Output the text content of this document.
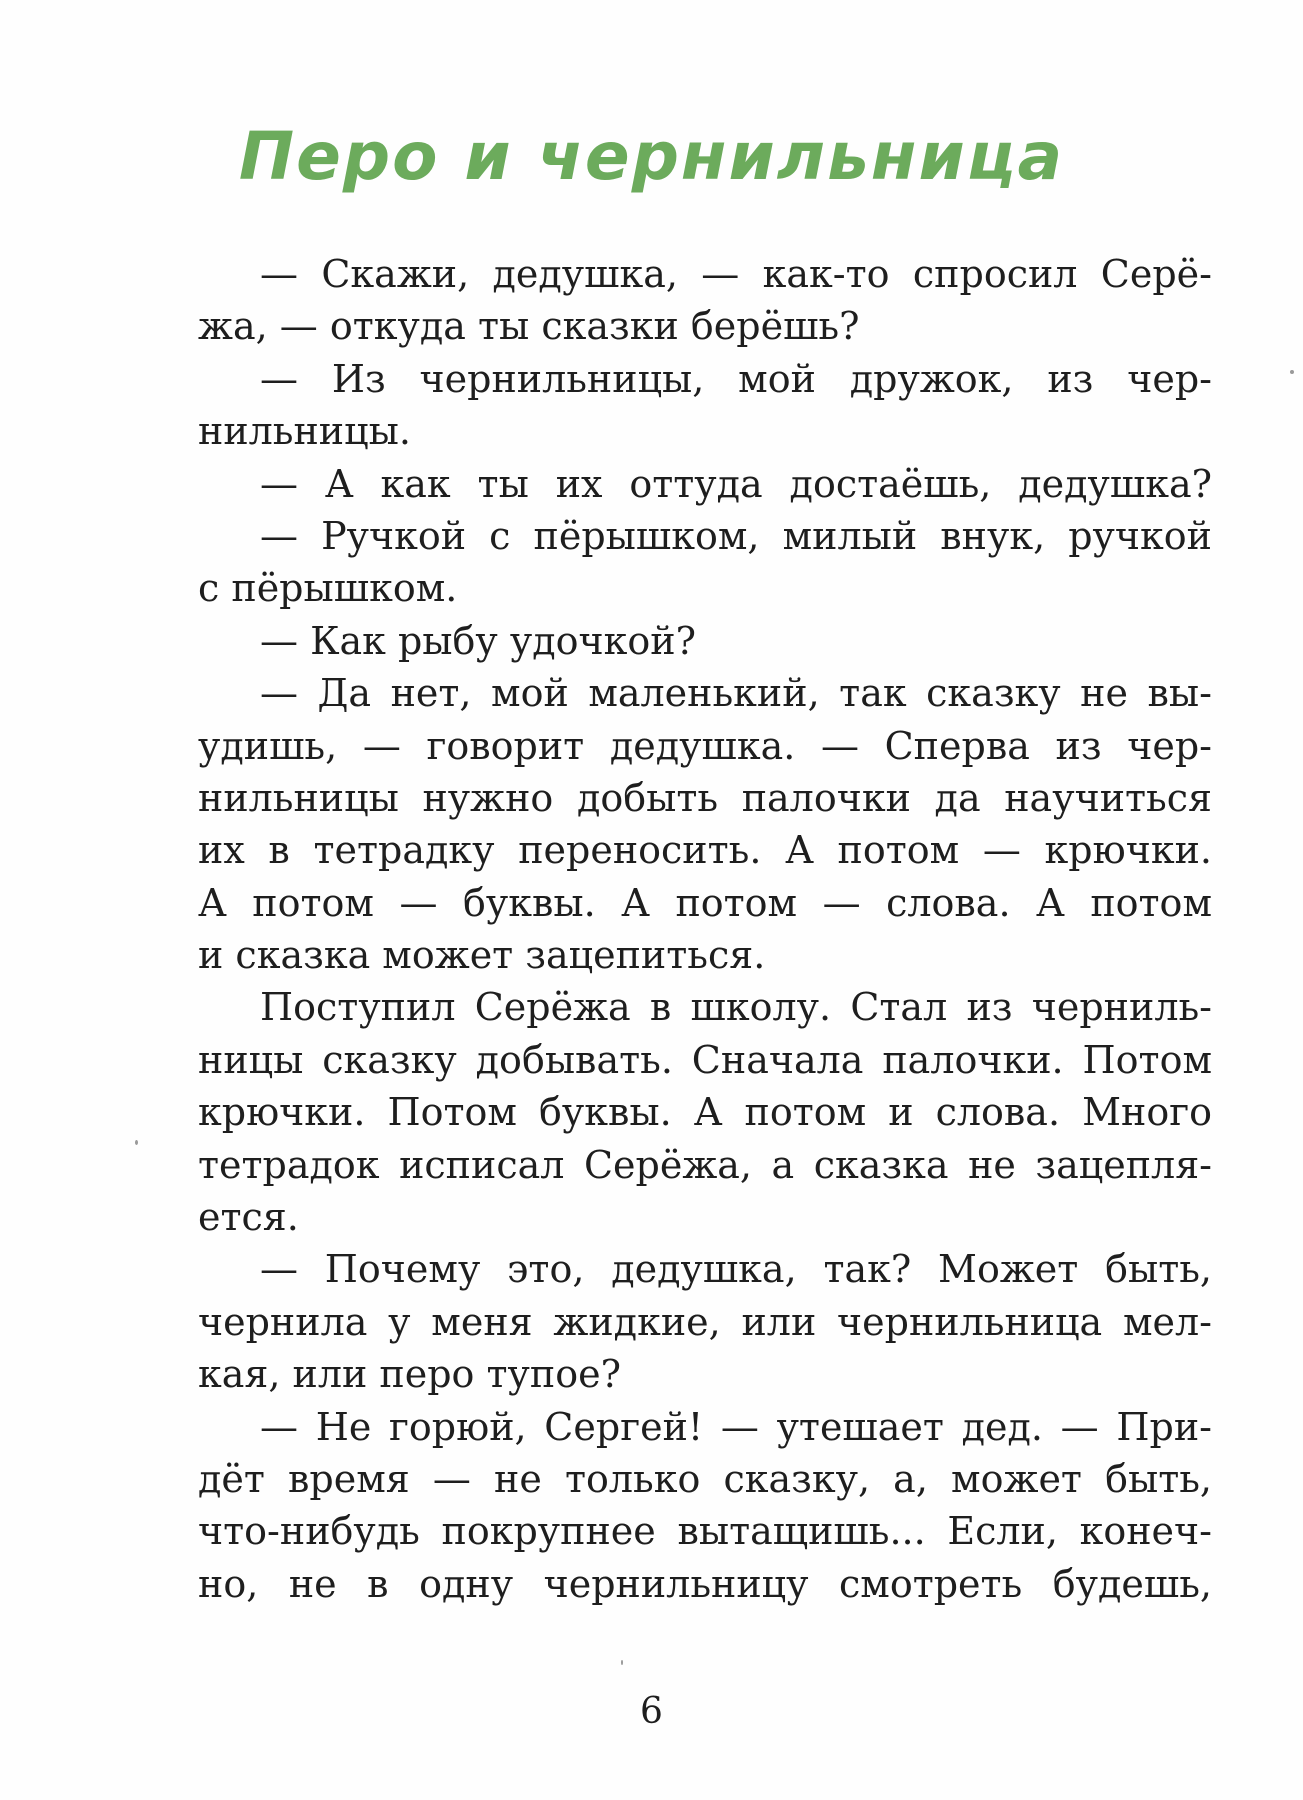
Перо и чернильница
— Скажи, дедушка, — как-то спросил Серё-
жа, — откуда ты сказки берёшь?
— Из чернильницы, мой дружок, из чер-
нильницы.
— А как ты их оттуда достаёшь, дедушка?
— Ручкой с пёрышком, милый внук, ручкой
с пёрышком.
— Как рыбу удочкой?
— Да нет, мой маленький, так сказку не вы-
удишь, — говорит дедушка. — Сперва из чер-
нильницы нужно добыть палочки да научиться
их в тетрадку переносить. А потом — крючки.
А потом — буквы. А потом — слова. А потом
и сказка может зацепиться.
Поступил Серёжа в школу. Стал из черниль-
ницы сказку добывать. Сначала палочки. Потом
крючки. Потом буквы. А потом и слова. Много
тетрадок исписал Серёжа, а сказка не зацепля-
ется.
— Почему это, дедушка, так? Может быть,
чернила у меня жидкие, или чернильница мел-
кая, или перо тупое?
— Не горюй, Сергей! — утешает дед. — При-
дёт время — не только сказку, а, может быть,
что-нибудь покрупнее вытащишь... Если, конеч-
но, не в одну чернильницу смотреть будешь,
6
